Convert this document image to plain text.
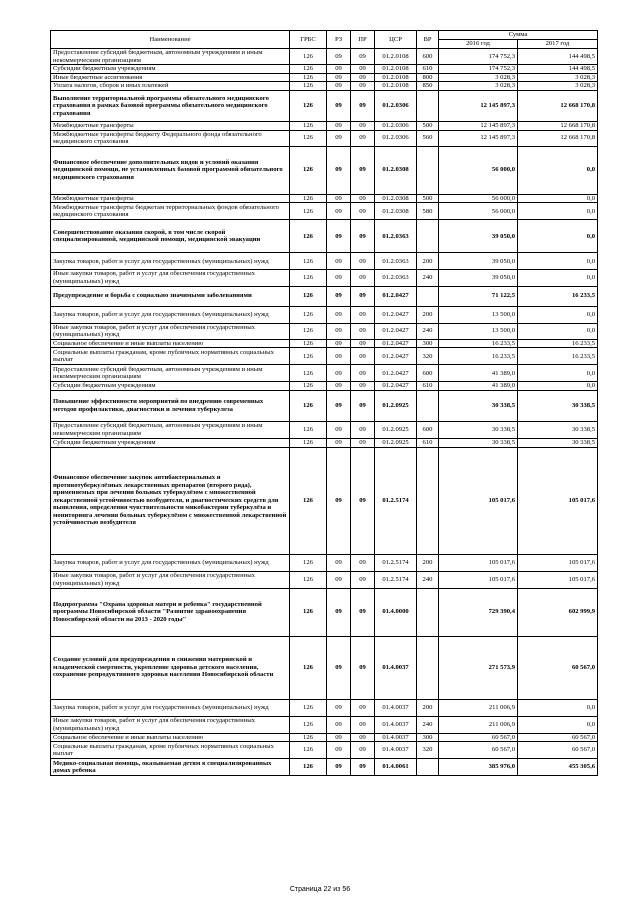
Наименование	ГРБС	РЗ	ПР	ЦСР	ВР	Сумма	
						2016 год	2017 год
Предоставление субсидий бюджетным, автономным учреждениям и иным некоммерческим организациям	126	09	09	01.2.0108	600	174 752,3	144 498,5
Субсидии бюджетным учреждениям	126	09	09	01.2.0108	610	174 752,3	144 498,5
Иные бюджетные ассигнования	126	09	09	01.2.0108	800	3 028,3	3 028,3
Уплата налогов, сборов и иных платежей	126	09	09	01.2.0108	850	3 028,3	3 028,3
Выполнение территориальной программы обязательного медицинского страхования в рамках базовой программы обязательного медицинского страхования	126	09	09	01.2.0306		12 145 897,3	12 668 170,8
Межбюджетные трансферты	126	09	09	01.2.0306	500	12 145 897,3	12 668 170,8
Межбюджетные трансферты бюджету Федерального фонда обязательного медицинского страхования	126	09	09	01.2.0306	560	12 145 897,3	12 668 170,8
Финансовое обеспечение дополнительных видов и условий оказания медицинской помощи, не установленных базовой программой обязательного медицинского страхования	126	09	09	01.2.0308		56 000,0	0,0
Межбюджетные трансферты	126	09	09	01.2.0308	500	56 000,0	0,0
Межбюджетные трансферты бюджетам территориальных фондов обязательного медицинского страхования	126	09	09	01.2.0308	580	56 000,0	0,0
Совершенствование оказания скорой, в том числе скорой специализированной, медицинской помощи, медицинской эвакуации	126	09	09	01.2.0363		39 050,0	0,0
Закупка товаров, работ и услуг для государственных (муниципальных) нужд	126	09	09	01.2.0363	200	39 050,0	0,0
Иные закупки товаров, работ и услуг для обеспечения государственных (муниципальных) нужд	126	09	09	01.2.0363	240	39 050,0	0,0
Предупреждение и борьба с социально значимыми заболеваниями	126	09	09	01.2.0427		71 122,5	16 233,5
Закупка товаров, работ и услуг для государственных (муниципальных) нужд	126	09	09	01.2.0427	200	13 500,0	0,0
Иные закупки товаров, работ и услуг для обеспечения государственных (муниципальных) нужд	126	09	09	01.2.0427	240	13 500,0	0,0
Социальное обеспечение и иные выплаты населению	126	09	09	01.2.0427	300	16 233,5	16 233,5
Социальные выплаты гражданам, кроме публичных нормативных социальных выплат	126	09	09	01.2.0427	320	16 233,5	16 233,5
Предоставление субсидий бюджетным, автономным учреждениям и иным некоммерческим организациям	126	09	09	01.2.0427	600	41 389,0	0,0
Субсидии бюджетным учреждениям	126	09	09	01.2.0427	610	41 389,0	0,0
Повышение эффективности мероприятий по внедрению современных методов профилактики, диагностики и лечения туберкулеза	126	09	09	01.2.0925		30 338,5	30 338,5
Предоставление субсидий бюджетным, автономным учреждениям и иным некоммерческим организациям	126	09	09	01.2.0925	600	30 338,5	30 338,5
Субсидии бюджетным учреждениям	126	09	09	01.2.0925	610	30 338,5	30 338,5
Финансовое обеспечение закупок антибактериальных и противотуберкулёзных лекарственных препаратов (второго ряда), применяемых при лечении больных туберкулёзом с множественной лекарственной устойчивостью возбудителя, и диагностических средств для выявления, определения чувствительности микобактерии туберкулёза и мониторинга лечения больных туберкулёзом с множественной лекарственной устойчивостью возбудителя	126	09	09	01.2.5174		105 017,6	105 017,6
Закупка товаров, работ и услуг для государственных (муниципальных) нужд	126	09	09	01.2.5174	200	105 017,6	105 017,6
Иные закупки товаров, работ и услуг для обеспечения государственных (муниципальных) нужд	126	09	09	01.2.5174	240	105 017,6	105 017,6
Подпрограмма "Охрана здоровья матери и ребенка" государственной программы Новосибирской области "Развитие здравоохранения Новосибирской области на 2013 - 2020 годы"	126	09	09	01.4.0000		729 390,4	602 999,9
Создание условий для предупреждения и снижения материнской и младенческой смертности, укрепление здоровья детского населения, сохранение репродуктивного здоровья населения Новосибирской области	126	09	09	01.4.0037		271 573,9	60 567,0
Закупка товаров, работ и услуг для государственных (муниципальных) нужд	126	09	09	01.4.0037	200	211 006,9	0,0
Иные закупки товаров, работ и услуг для обеспечения государственных (муниципальных) нужд	126	09	09	01.4.0037	240	211 006,9	0,0
Социальное обеспечение и иные выплаты населению	126	09	09	01.4.0037	300	60 567,0	60 567,0
Социальные выплаты гражданам, кроме публичных нормативных социальных выплат	126	09	09	01.4.0037	320	60 567,0	60 567,0
Медико-социальная помощь, оказываемая детям в специализированных домах ребенка	126	09	09	01.4.0061		385 976,0	455 305,6
Страница 22 из 56
